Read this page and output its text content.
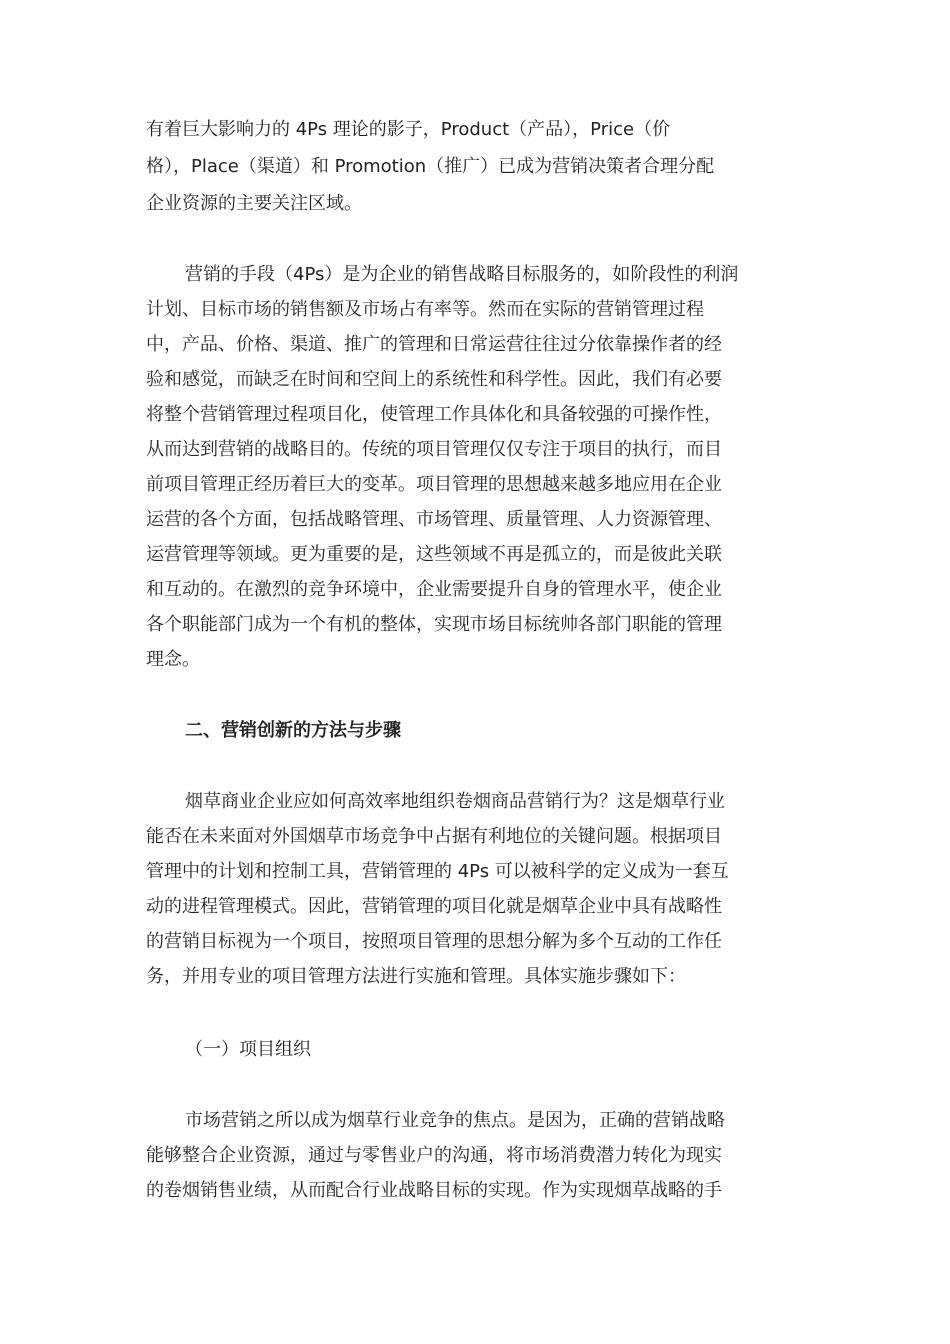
有着巨大影响力的 4Ps 理论的影子，Product（产品），Price（价
格），Place（渠道）和 Promotion（推广）已成为营销决策者合理分配
企业资源的主要关注区域。
营销的手段（4Ps）是为企业的销售战略目标服务的，如阶段性的利润
计划、目标市场的销售额及市场占有率等。然而在实际的营销管理过程
中，产品、价格、渠道、推广的管理和日常运营往往过分依靠操作者的经
验和感觉，而缺乏在时间和空间上的系统性和科学性。因此，我们有必要
将整个营销管理过程项目化，使管理工作具体化和具备较强的可操作性，
从而达到营销的战略目的。传统的项目管理仅仅专注于项目的执行，而目
前项目管理正经历着巨大的变革。项目管理的思想越来越多地应用在企业
运营的各个方面，包括战略管理、市场管理、质量管理、人力资源管理、
运营管理等领域。更为重要的是，这些领域不再是孤立的，而是彼此关联
和互动的。在激烈的竞争环境中，企业需要提升自身的管理水平，使企业
各个职能部门成为一个有机的整体，实现市场目标统帅各部门职能的管理
理念。
二、营销创新的方法与步骤
烟草商业企业应如何高效率地组织卷烟商品营销行为？这是烟草行业
能否在未来面对外国烟草市场竞争中占据有利地位的关键问题。根据项目
管理中的计划和控制工具，营销管理的 4Ps 可以被科学的定义成为一套互
动的进程管理模式。因此，营销管理的项目化就是烟草企业中具有战略性
的营销目标视为一个项目，按照项目管理的思想分解为多个互动的工作任
务，并用专业的项目管理方法进行实施和管理。具体实施步骤如下：
（一）项目组织
市场营销之所以成为烟草行业竞争的焦点。是因为，正确的营销战略
能够整合企业资源，通过与零售业户的沟通，将市场消费潜力转化为现实
的卷烟销售业绩，从而配合行业战略目标的实现。作为实现烟草战略的手
